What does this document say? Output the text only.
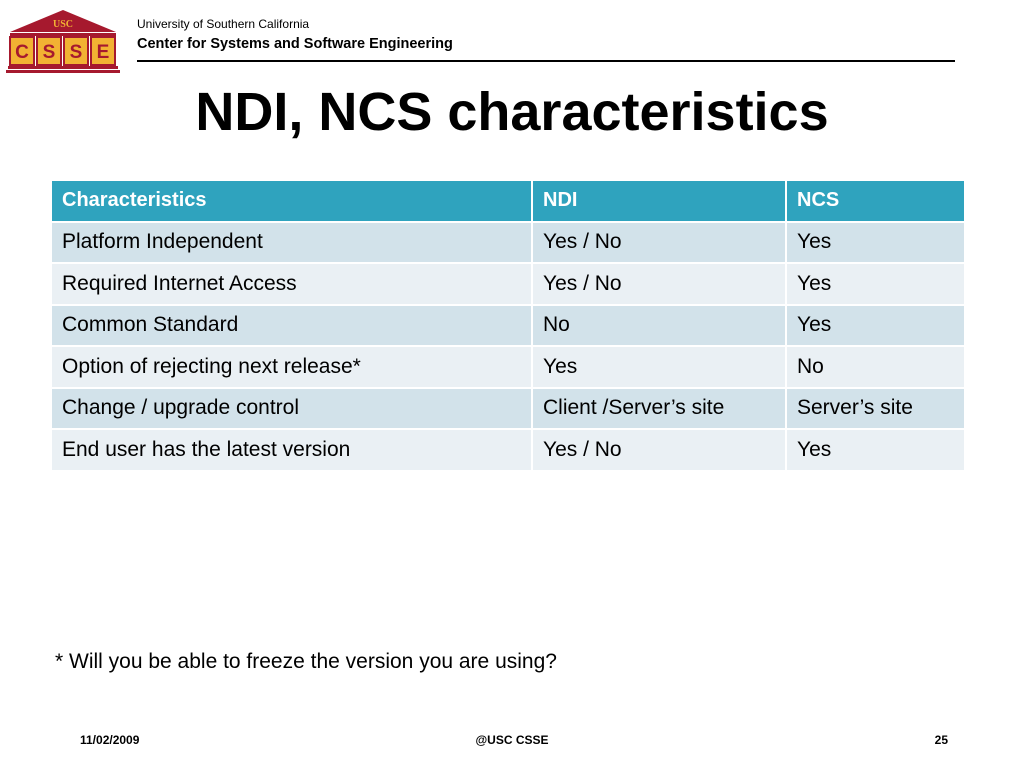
USC
C S S E
University of Southern California
Center for Systems and Software Engineering
NDI, NCS characteristics
Characteristics	NDI	NCS
Platform Independent	Yes / No	Yes
Required Internet Access	Yes / No	Yes
Common Standard	No	Yes
Option of rejecting next release*	Yes	No
Change / upgrade control	Client /Server’s site	Server’s site
End user has the latest version	Yes / No	Yes
* Will you be able to freeze the version you are using?
11/02/2009	@USC CSSE	25
